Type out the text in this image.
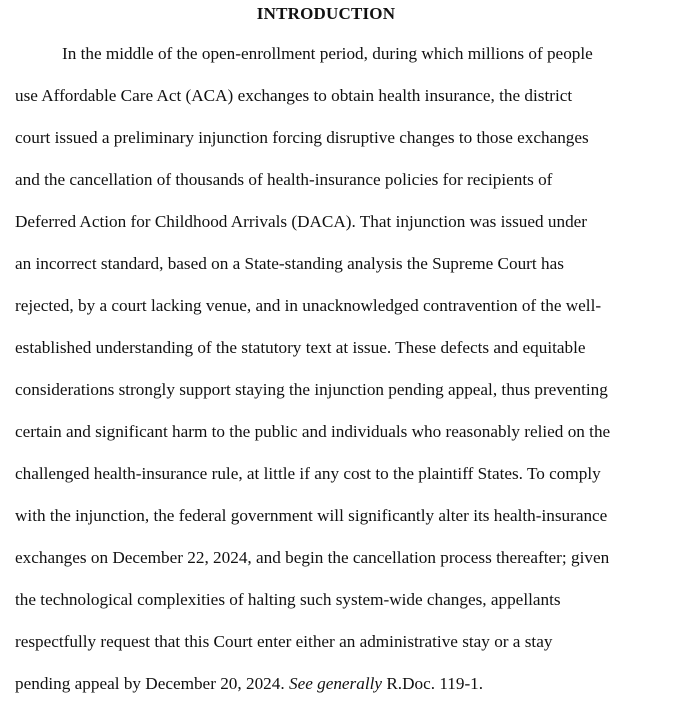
INTRODUCTION
In the middle of the open-enrollment period, during which millions of people
use Affordable Care Act (ACA) exchanges to obtain health insurance, the district
court issued a preliminary injunction forcing disruptive changes to those exchanges
and the cancellation of thousands of health-insurance policies for recipients of
Deferred Action for Childhood Arrivals (DACA). That injunction was issued under
an incorrect standard, based on a State-standing analysis the Supreme Court has
rejected, by a court lacking venue, and in unacknowledged contravention of the well-
established understanding of the statutory text at issue. These defects and equitable
considerations strongly support staying the injunction pending appeal, thus preventing
certain and significant harm to the public and individuals who reasonably relied on the
challenged health-insurance rule, at little if any cost to the plaintiff States. To comply
with the injunction, the federal government will significantly alter its health-insurance
exchanges on December 22, 2024, and begin the cancellation process thereafter; given
the technological complexities of halting such system-wide changes, appellants
respectfully request that this Court enter either an administrative stay or a stay
pending appeal by December 20, 2024. See generally R.Doc. 119-1.
